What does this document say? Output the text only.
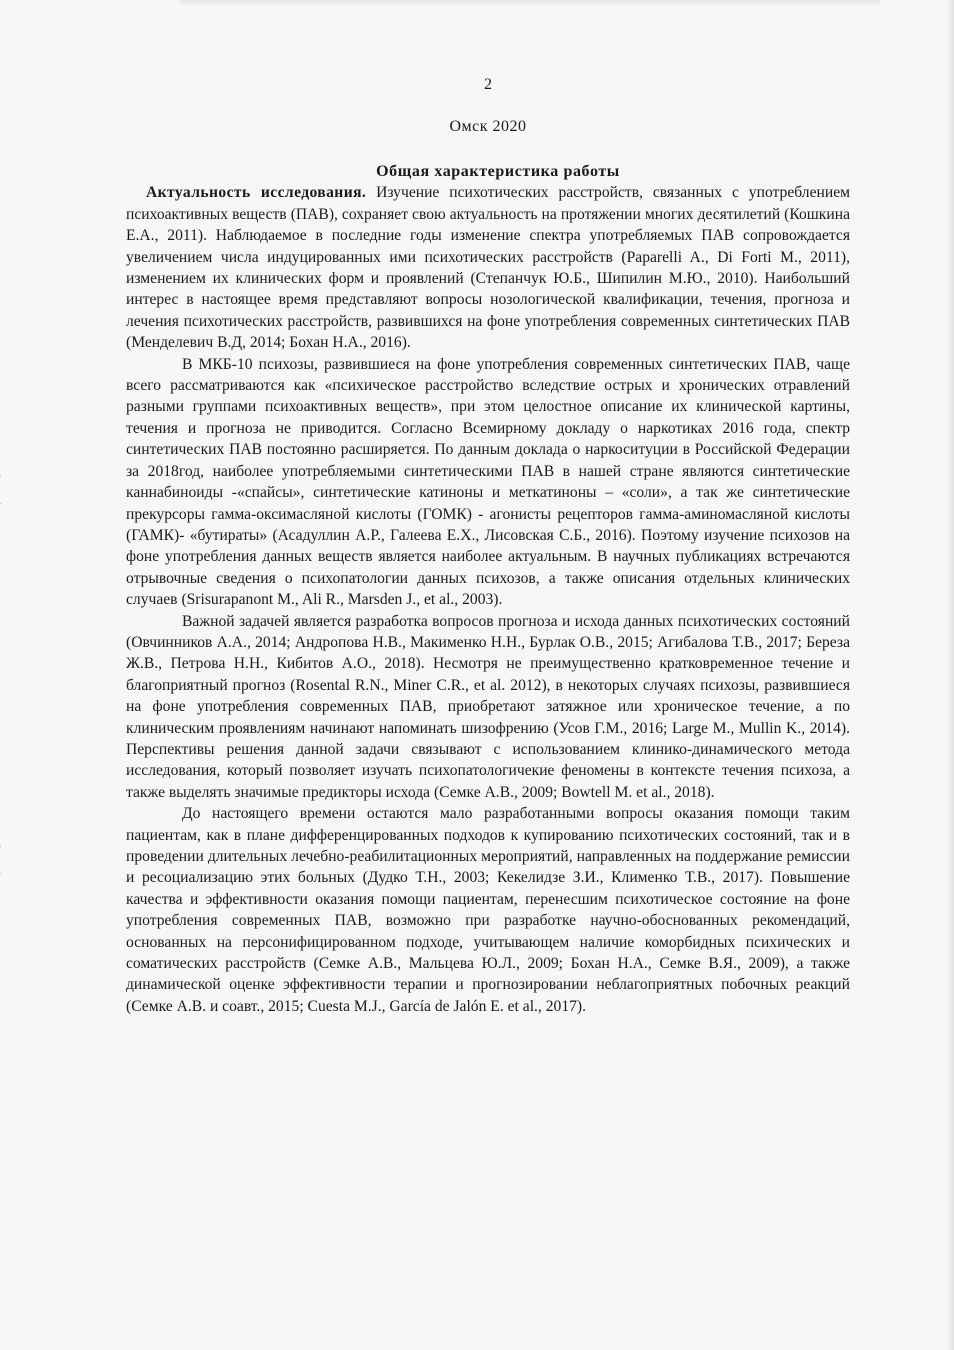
2
Омск 2020
Общая характеристика работы

Актуальность исследования. Изучение психотических расстройств, связанных с употреблением психоактивных веществ (ПАВ), сохраняет свою актуальность на протяжении многих десятилетий (Кошкина Е.А., 2011). Наблюдаемое в последние годы изменение спектра употребляемых ПАВ сопровождается увеличением числа индуцированных ими психотических расстройств (Paparelli A., Di Forti M., 2011), изменением их клинических форм и проявлений (Степанчук Ю.Б., Шипилин М.Ю., 2010). Наибольший интерес в настоящее время представляют вопросы нозологической квалификации, течения, прогноза и лечения психотических расстройств, развившихся на фоне употребления современных синтетических ПАВ (Менделевич В.Д, 2014; Бохан Н.А., 2016).

В МКБ-10 психозы, развившиеся на фоне употребления современных синтетических ПАВ, чаще всего рассматриваются как «психическое расстройство вследствие острых и хронических отравлений разными группами психоактивных веществ», при этом целостное описание их клинической картины, течения и прогноза не приводится. Согласно Всемирному докладу о наркотиках 2016 года, спектр синтетических ПАВ постоянно расширяется. По данным доклада о наркоситуции в Российской Федерации за 2018год, наиболее употребляемыми синтетическими ПАВ в нашей стране являются синтетические каннабиноиды -«спайсы», синтетические катиноны и меткатиноны – «соли», а так же синтетические прекурсоры гамма-оксимасляной кислоты (ГОМК) - агонисты рецепторов гамма-аминомасляной кислоты (ГАМК)- «бутираты» (Асадуллин А.Р., Галеева Е.Х., Лисовская С.Б., 2016). Поэтому изучение психозов на фоне употребления данных веществ является наиболее актуальным. В научных публикациях встречаются отрывочные сведения о психопатологии данных психозов, а также описания отдельных клинических случаев (Srisurapanont M., Ali R., Marsden J., et al., 2003).

Важной задачей является разработка вопросов прогноза и исхода данных психотических состояний (Овчинников А.А., 2014; Андропова Н.В., Макименко Н.Н., Бурлак О.В., 2015; Агибалова Т.В., 2017; Береза Ж.В., Петрова Н.Н., Кибитов А.О., 2018). Несмотря не преимущественно кратковременное течение и благоприятный прогноз (Rosental R.N., Miner C.R., et al. 2012), в некоторых случаях психозы, развившиеся на фоне употребления современных ПАВ, приобретают затяжное или хроническое течение, а по клиническим проявлениям начинают напоминать шизофрению (Усов Г.М., 2016; Large M., Mullin K., 2014). Перспективы решения данной задачи связывают с использованием клинико-динамического метода исследования, который позволяет изучать психопатологичекие феномены в контексте течения психоза, а также выделять значимые предикторы исхода (Семке А.В., 2009; Bowtell M. et al., 2018).

До настоящего времени остаются мало разработанными вопросы оказания помощи таким пациентам, как в плане дифференцированных подходов к купированию психотических состояний, так и в проведении длительных лечебно-реабилитационных мероприятий, направленных на поддержание ремиссии и ресоциализацию этих больных (Дудко Т.Н., 2003; Кекелидзе З.И., Клименко Т.В., 2017). Повышение качества и эффективности оказания помощи пациентам, перенесшим психотическое состояние на фоне употребления современных ПАВ, возможно при разработке научно-обоснованных рекомендаций, основанных на персонифицированном подходе, учитывающем наличие коморбидных психических и соматических расстройств (Семке А.В., Мальцева Ю.Л., 2009; Бохан Н.А., Семке В.Я., 2009), а также динамической оценке эффективности терапии и прогнозировании неблагоприятных побочных реакций (Семке А.В. и соавт., 2015; Cuesta M.J., García de Jalón E. et al., 2017).
